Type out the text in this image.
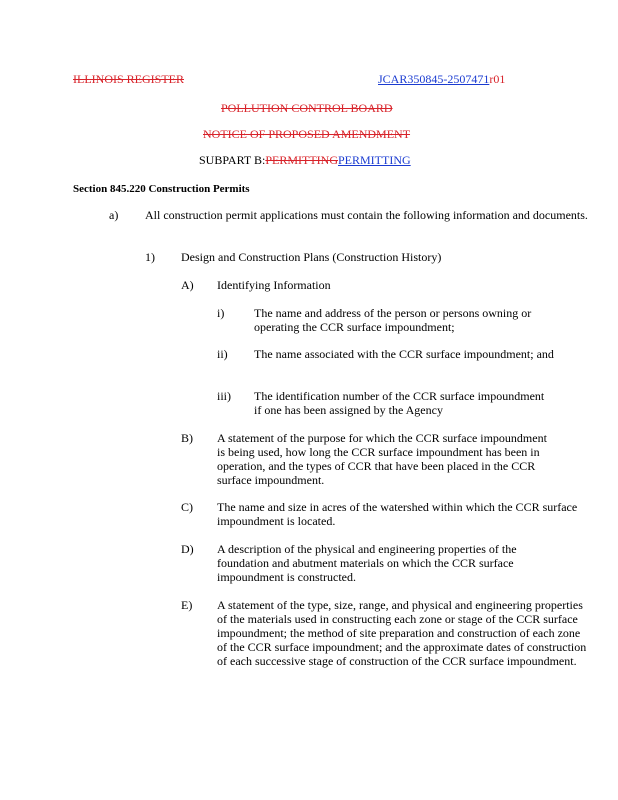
ILLINOIS REGISTER	JCAR350845-2507471r01
POLLUTION CONTROL BOARD
NOTICE OF PROPOSED AMENDMENT
SUBPART B:PERMITTINGPERMITTING
Section 845.220 Construction Permits
a) All construction permit applications must contain the following information and documents.
1) Design and Construction Plans (Construction History)
A) Identifying Information
i) The name and address of the person or persons owning or operating the CCR surface impoundment;
ii) The name associated with the CCR surface impoundment; and
iii) The identification number of the CCR surface impoundment if one has been assigned by the Agency
B) A statement of the purpose for which the CCR surface impoundment is being used, how long the CCR surface impoundment has been in operation, and the types of CCR that have been placed in the CCR surface impoundment.
C) The name and size in acres of the watershed within which the CCR surface impoundment is located.
D) A description of the physical and engineering properties of the foundation and abutment materials on which the CCR surface impoundment is constructed.
E) A statement of the type, size, range, and physical and engineering properties of the materials used in constructing each zone or stage of the CCR surface impoundment; the method of site preparation and construction of each zone of the CCR surface impoundment; and the approximate dates of construction of each successive stage of construction of the CCR surface impoundment.
